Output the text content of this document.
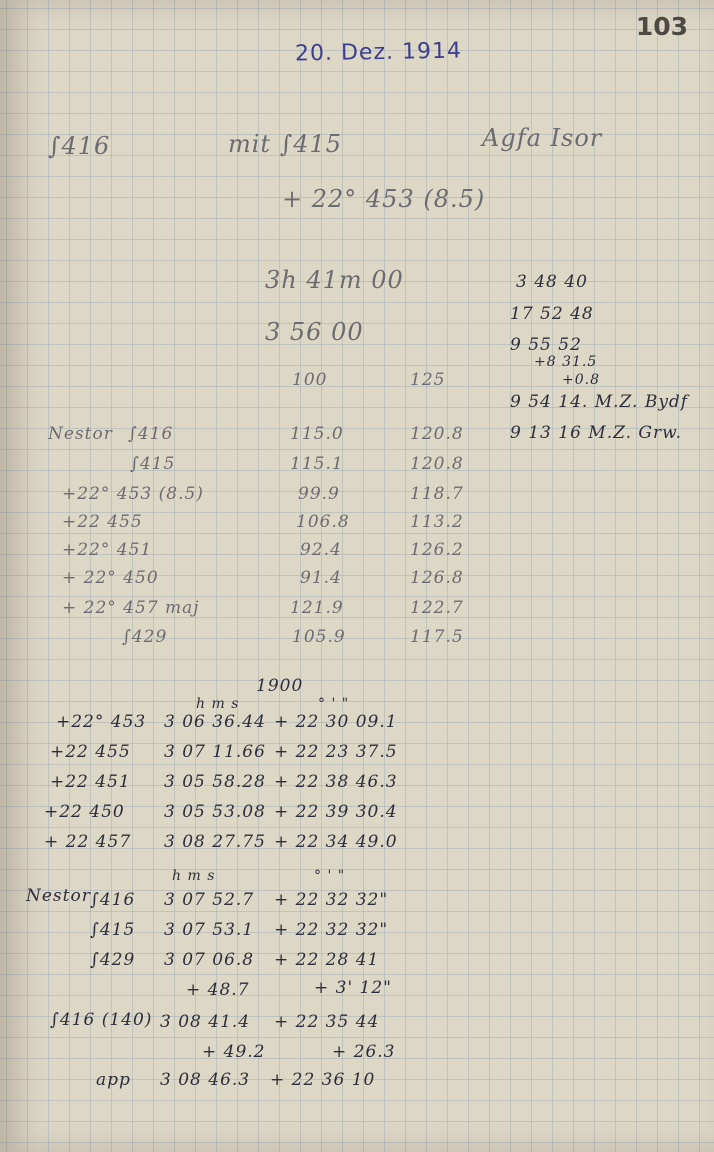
103
20. Dez. 1914
∫416	mit ∫415	Agfa Isor
+ 22° 453 (8.5)
3h 41m 00
3 56 00
3 48 40
17 52 48
9 55 52
+8 31.5
+0.8
9 54 14. M.Z. Bydf
9 13 16 M.Z. Grw.
100	125
Nestor ∫416	115.0	120.8
∫415	115.1	120.8
+22° 453 (8.5)	99.9	118.7
+22 455	106.8	113.2
+22° 451	92.4	126.2
+ 22° 450	91.4	126.8
+ 22° 457 maj	121.9	122.7
∫429	105.9	117.5
1900
h m s	° ' "
+22° 453 3 06 36.44 + 22 30 09.1
+22 455 3 07 11.66 + 22 23 37.5
+22 451 3 05 58.28 + 22 38 46.3
+22 450 3 05 53.08 + 22 39 30.4
+ 22 457 3 08 27.75 + 22 34 49.0
h m s	° ' "
Nestor ∫416 3 07 52.7 + 22 32 32"
∫415 3 07 53.1 + 22 32 32"
∫429 3 07 06.8 + 22 28 41
+ 48.7	+ 3' 12"
∫416 (140) 3 08 41.4 + 22 35 44
+ 49.2	+ 26.3
app 3 08 46.3 + 22 36 10
